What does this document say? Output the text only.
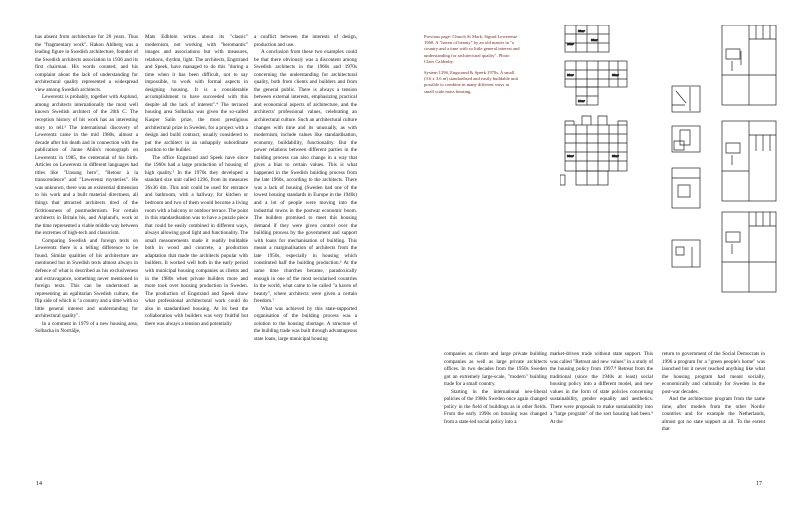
has absent from architecture for 20 years. Thus the "fragmentary work". Hakon Ahlberg was a leading figure in Swedish architecture, founder of the Swedish architects association in 1936 and its first chairman. His words counted, and his complaint about the lack of understanding for architectural quality represented a widespread view among Swedish architects.

Lewerentz is probably, together with Asplund, among architects internationally the most well known Swedish architect of the 20th C. The reception history of his work has an interesting story to tell.³ The international discovery of Lewerentz came in the mid 1980s, almost a decade after his death and in connection with the publication of Janne Ahlin's monograph on Lewerentz in 1985, the centennial of his birth. Articles on Lewerentz in different languages had titles like "Unsung hero", "Retour à la transcendence" and "Lewerentz mysteries". He was unknown, there was an existential dimension to his work and a built material directness, all things that attracted architects tired of the fictitiousness of postmodernism. For certain architects in Britain his, and Asplund's, work at the time represented a viable middle way between the extremes of high-tech and classicism.

Comparing Swedish and foreign texts on Lewerentz there is a telling difference to be found. Similar qualities of his architecture are mentioned but in Swedish texts almost always in defence of what is described as his exclusiveness and extravagance, something never mentioned in foreign texts. This can be understood as representing an egalitarian Swedish culture, the flip side of which is "a country and a time with so little general interest and understanding for architectural quality".

In a comment in 1979 of a new housing area, Solbacka in Norrtälje,

Mats Edblom writes about its "classic" modernism, not working with "heromantic" images and associations but with measures, relations, rhythm, light. The architects, Engstrand and Speek, have managed to do this "during a time when it has been difficult, not to say impossible, to work with formal aspects in designing housing. It is a considerable accomplishment to have succeeded with this despite all the lack of interest".⁴ The terraced housing area Solbacka was given the so-called Kasper Salin prize, the most prestigious architectural prize in Sweden, for a project with a design and build contract, usually considered to put the architect in an unhappily subordinate position to the builder.

The office Engstrand and Speek have since the 1960s had a large production of housing of high quality.⁵ In the 1970s they developed a standard size unit called 1296, from its measures 36x36 dm. This unit could be used for entrance and bathroom, with a hallway, for kitchen or bedroom and two of them would become a living room with a balcony or outdoor terrace. The point in this standardisation was to have a puzzle piece that could be easily combined in different ways, always allowing good light and functionality. The small measurements made it readily buildable both in wood and concrete, a production adaptation that made the architects popular with builders. It worked well both in the early period with municipal housing companies as clients and in the 1980s when private builders more and more took over housing production in Sweden. The production of Engstrand and Speek show what professional architectural work could do also in standardised housing. At its best the collaboration with builders was very fruitful but there was always a tension and potentially

a conflict between the interests of design, production and use.

A conclusion from these two examples could be that there obviously was a discontent among Swedish architects in the 1960s and 1970s concerning the understanding for architectural quality, both from clients and builders and from the general public. There is always a tension between external interests, emphasizing practical and economical aspects of architecture, and the architects' professional values, celebrating an architectural culture. Such an architectural culture changes with time and its unusually, as with modernism, include values like standardisation, economy, buildability, functionality. But the power relations between different parties in the building process can also change in a way that gives a bias to certain values. This is what happened in the Swedish building process from the late 1960s, according to the architects. There was a lack of housing (Sweden had one of the lowest housing standards in Europe in the 1940s) and a lot of people were moving into the industrial towns in the postwar economic boom. The builders promised to meet this housing demand if they were given control over the building process by the government and support with loans for mechanisation of building. This meant a marginalisation of architects from the late 1950s, especially in housing which constituted half the building production.⁶ At the same time churches became, paradoxically enough in one of the most secularised countries in the world, what came to be called "a haven of beauty", where architects were given a certain freedom.⁷

What was achieved by this state-supported organisation of the building process was a solution to the housing shortage. A structure of the building trade was built through advantageous state loans, large municipal housing

14

Previous page: Church St Mark, Sigurd Lewerentz 1960. A "haven of beauty" by an old master in "a country and a time with so little general interest and understanding for architectural quality". Photo Claes Caldenby.

System 1296, Engstrand & Speek 1970s. A small (3.6 x 3.6 m) standardised and easily buildable unit possible to combine in many different ways in small scale mass housing.

36m²
36m²
24m²
36m²	36m²
24m²
36m²	36m²

companies as clients and large private building companies as well as large private architects offices. In two decades from the 1950s Sweden got an extremely large-scale, "modern" building trade for a small country.

Starting in the international neo-liberal policies of the 1980s Sweden once again changed policy in the field of buildings as in other fields. From the early 1990s on housing was changed from a state-led social policy into a

market-driven trade without state support. This was called "Retreat and new values" in a study of the housing policy from 1997.⁸ Retreat from the traditional (since the 1940s at least) social housing policy into a different model, and new values in the form of state policies concerning sustainability, gender equality and aesthetics. There were proposals to make sustainability into a "large program" of the sort housing had been.⁹ At the

return to government of the Social Democrats in 1996 a program for a "green people's home" was launched but it never reached anything like what the housing program had meant socially, economically and culturally for Sweden in the post-war decades.

And the architecture program from the same time, after models from the other Nordic countries and for example the Netherlands, almost got no state support at all. To the extent that

17
